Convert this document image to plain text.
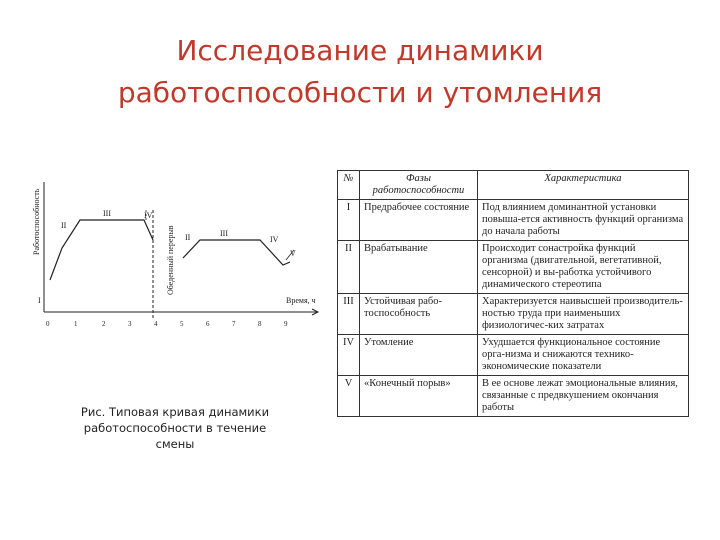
Исследование динамики
работоспособности и утомления
Работоспособность
Обеденный перерыв
I
II
III	IV
II	III
IV
V
Время, ч
0	1	2	3	4	5	6	7	8	9
Рис. Типовая кривая динамики
работоспособности в течение
смены
№	Фазы работоспособности	Характеристика
I	Предрабочее состояние	Под влиянием доминантной установки повыша-ется активность функций организма до начала работы
II	Врабатывание	Происходит сонастройка функций организма (двигательной, вегетативной, сенсорной) и вы-работка устойчивого динамического стереотипа
III	Устойчивая рабо-тоспособность	Характеризуется наивысшей производитель-ностью труда при наименьших физиологичес-ких затратах
IV	Утомление	Ухудшается функциональное состояние орга-низма и снижаются технико-экономические показатели
V	«Конечный порыв»	В ее основе лежат эмоциональные влияния, связанные с предвкушением окончания работы
